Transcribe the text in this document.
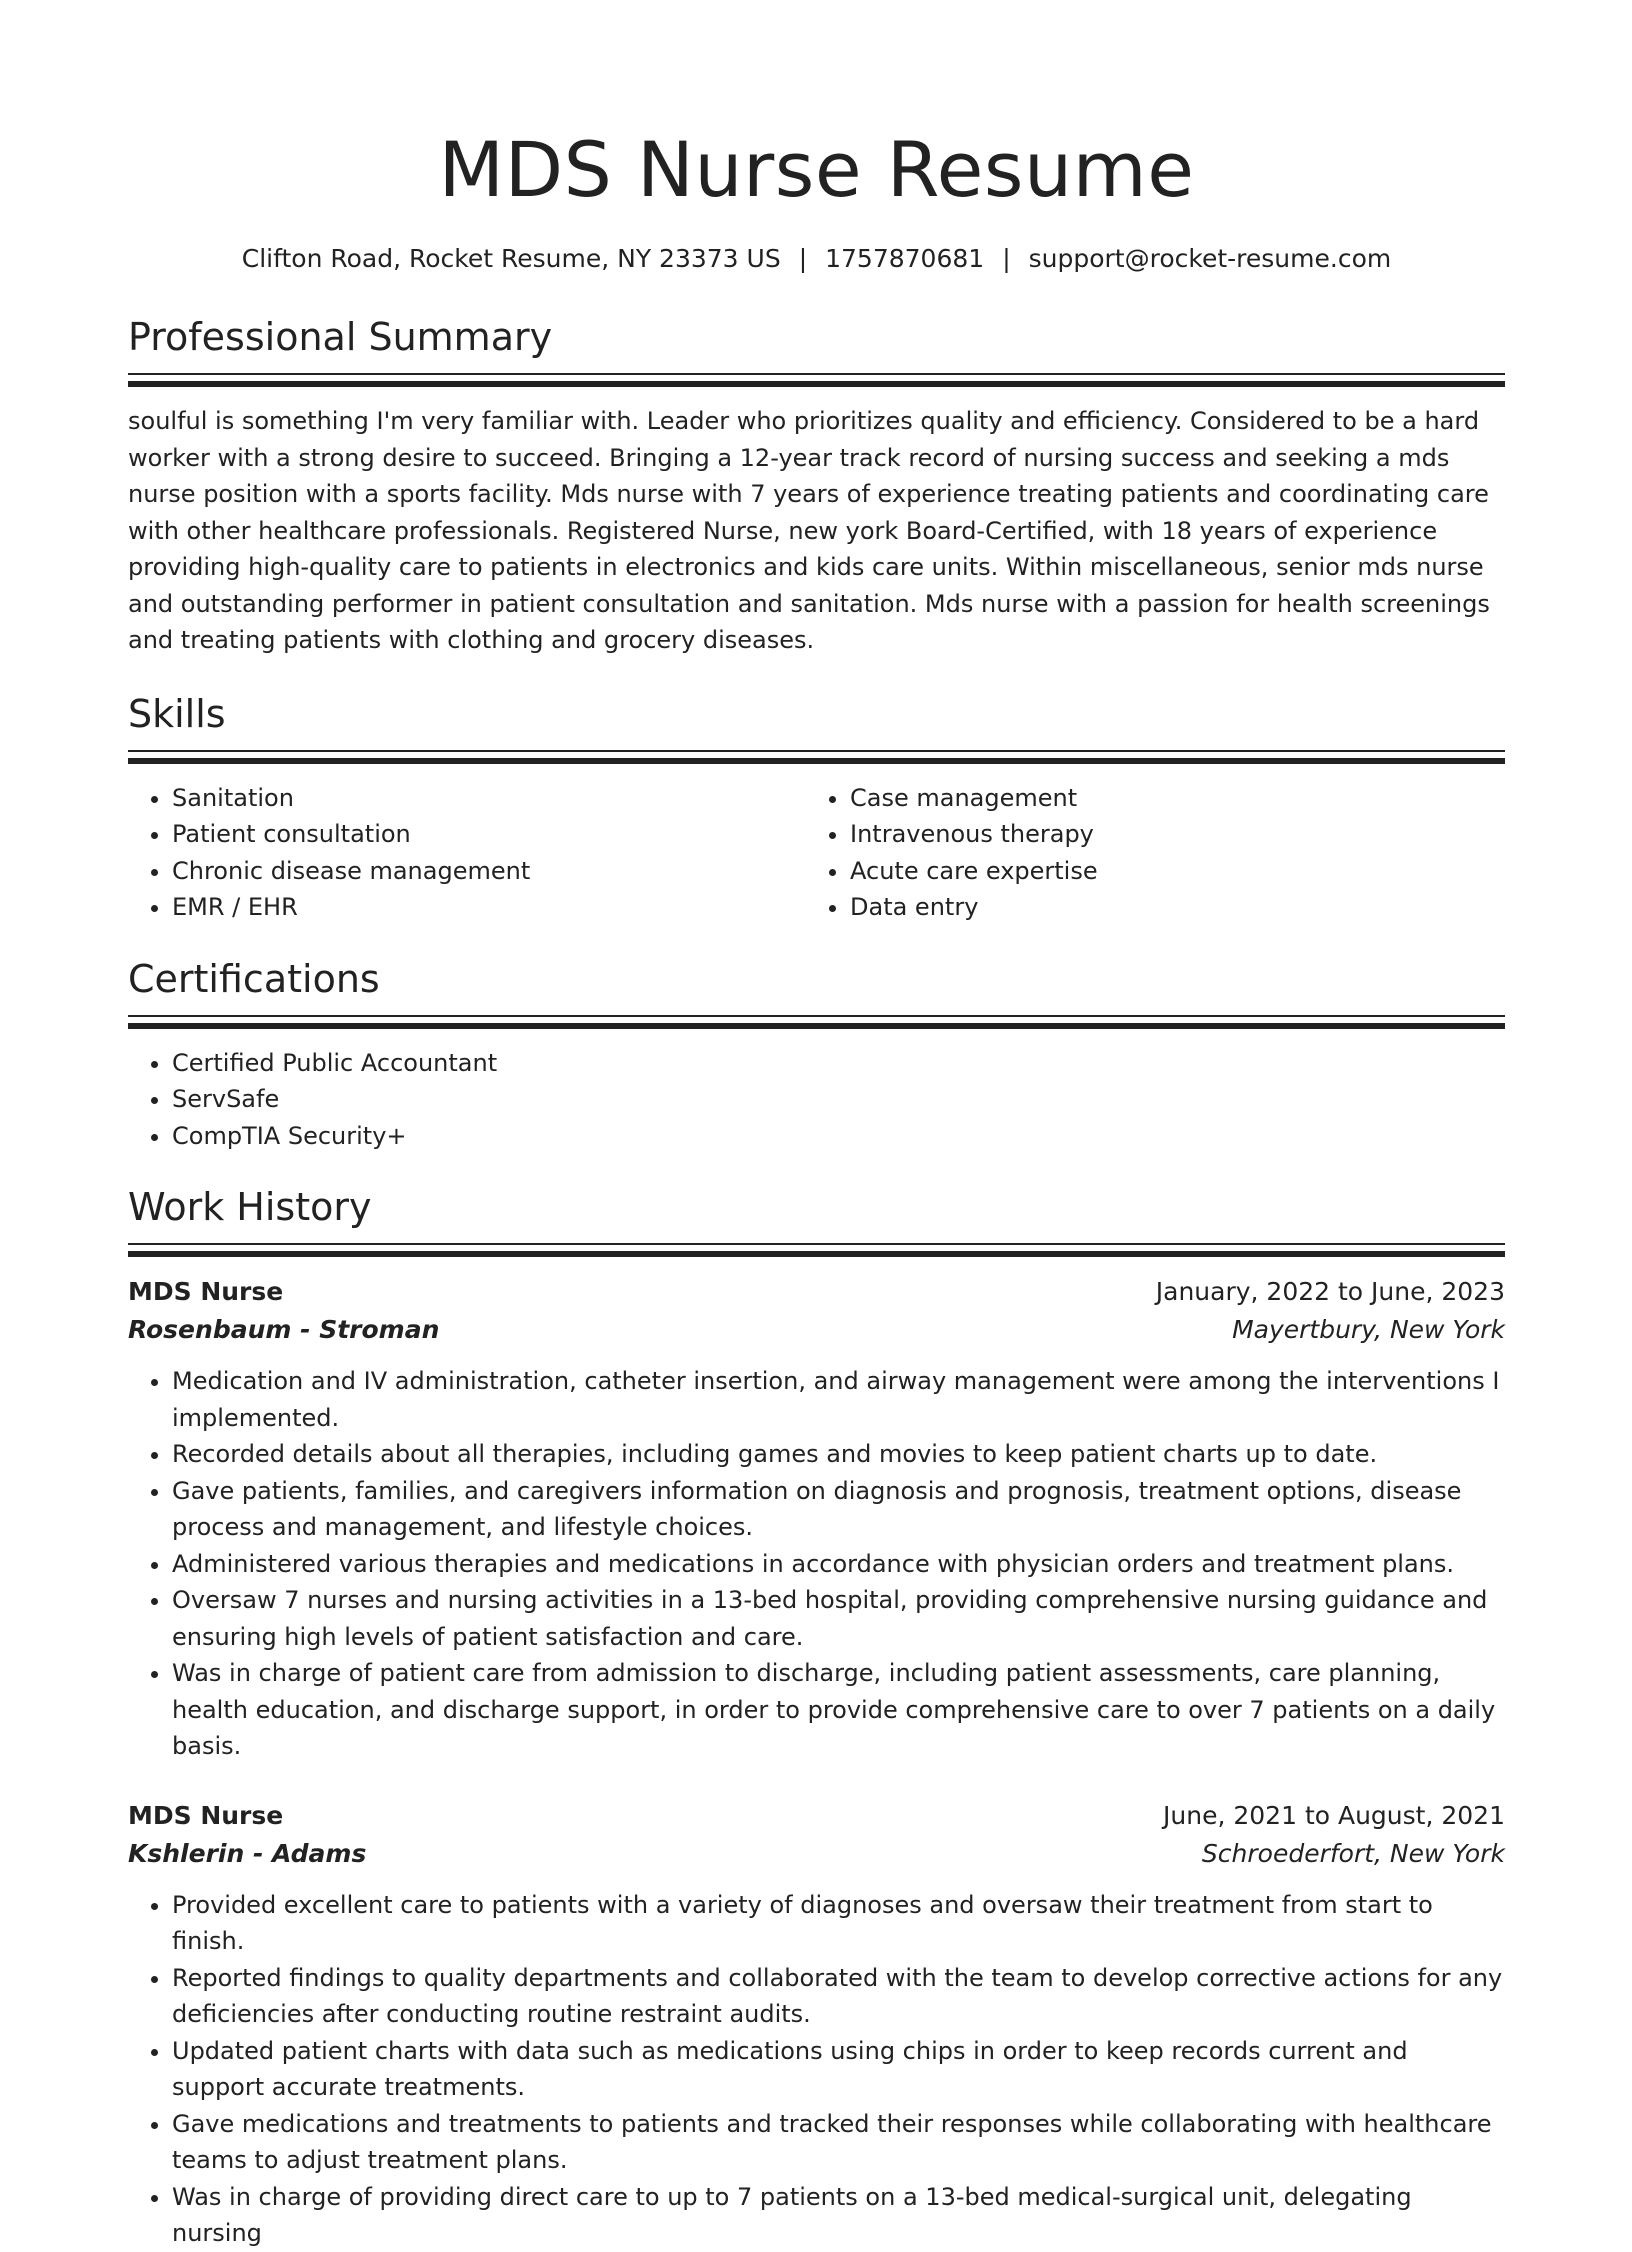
MDS Nurse Resume
Clifton Road, Rocket Resume, NY 23373 US | 1757870681 | support@rocket-resume.com
Professional Summary

soulful is something I'm very familiar with. Leader who prioritizes quality and efficiency. Considered to be a hard worker with a strong desire to succeed. Bringing a 12-year track record of nursing success and seeking a mds nurse position with a sports facility. Mds nurse with 7 years of experience treating patients and coordinating care with other healthcare professionals. Registered Nurse, new york Board-Certified, with 18 years of experience providing high-quality care to patients in electronics and kids care units. Within miscellaneous, senior mds nurse and outstanding performer in patient consultation and sanitation. Mds nurse with a passion for health screenings and treating patients with clothing and grocery diseases.

Skills
• Sanitation
• Patient consultation
• Chronic disease management
• EMR / EHR
• Case management
• Intravenous therapy
• Acute care expertise
• Data entry
Certifications
• Certified Public Accountant
• ServSafe
• CompTIA Security+
Work History
MDS Nurse	January, 2022 to June, 2023
Rosenbaum - Stroman	Mayertbury, New York
• Medication and IV administration, catheter insertion, and airway management were among the interventions I implemented.
• Recorded details about all therapies, including games and movies to keep patient charts up to date.
• Gave patients, families, and caregivers information on diagnosis and prognosis, treatment options, disease process and management, and lifestyle choices.
• Administered various therapies and medications in accordance with physician orders and treatment plans.
• Oversaw 7 nurses and nursing activities in a 13-bed hospital, providing comprehensive nursing guidance and ensuring high levels of patient satisfaction and care.
• Was in charge of patient care from admission to discharge, including patient assessments, care planning, health education, and discharge support, in order to provide comprehensive care to over 7 patients on a daily basis.
MDS Nurse	June, 2021 to August, 2021
Kshlerin - Adams	Schroederfort, New York
• Provided excellent care to patients with a variety of diagnoses and oversaw their treatment from start to finish.
• Reported findings to quality departments and collaborated with the team to develop corrective actions for any deficiencies after conducting routine restraint audits.
• Updated patient charts with data such as medications using chips in order to keep records current and support accurate treatments.
• Gave medications and treatments to patients and tracked their responses while collaborating with healthcare teams to adjust treatment plans.
• Was in charge of providing direct care to up to 7 patients on a 13-bed medical-surgical unit, delegating nursing
